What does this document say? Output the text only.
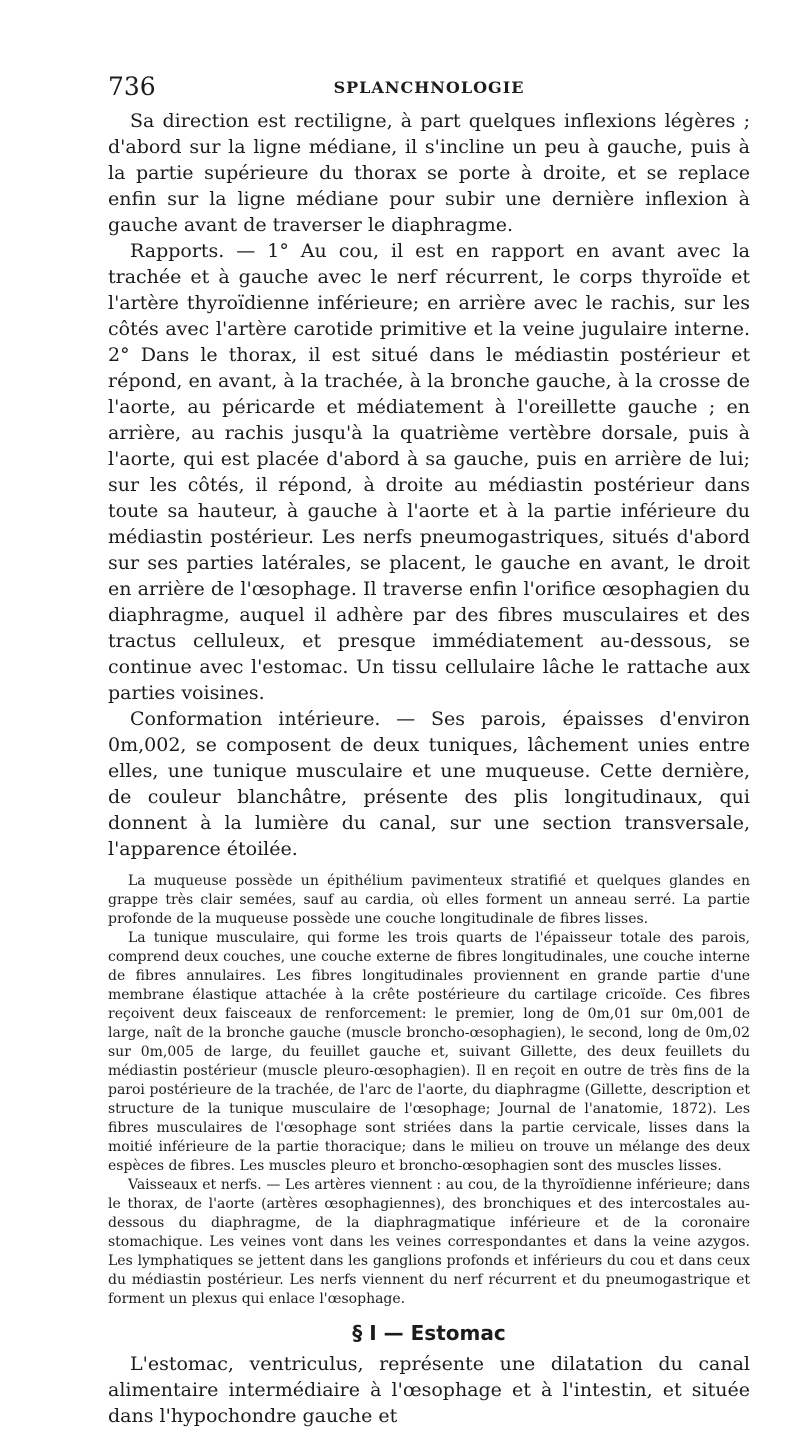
736	SPLANCHNOLOGIE

Sa direction est rectiligne, à part quelques inflexions légères ; d'abord sur la ligne médiane, il s'incline un peu à gauche, puis à la partie supérieure du thorax se porte à droite, et se replace enfin sur la ligne médiane pour subir une dernière inflexion à gauche avant de traverser le diaphragme.

Rapports. — 1° Au cou, il est en rapport en avant avec la trachée et à gauche avec le nerf récurrent, le corps thyroïde et l'artère thyroïdienne inférieure; en arrière avec le rachis, sur les côtés avec l'artère carotide primitive et la veine jugulaire interne. 2° Dans le thorax, il est situé dans le médiastin postérieur et répond, en avant, à la trachée, à la bronche gauche, à la crosse de l'aorte, au péricarde et médiatement à l'oreillette gauche ; en arrière, au rachis jusqu'à la quatrième vertèbre dorsale, puis à l'aorte, qui est placée d'abord à sa gauche, puis en arrière de lui; sur les côtés, il répond, à droite au médiastin postérieur dans toute sa hauteur, à gauche à l'aorte et à la partie inférieure du médiastin postérieur. Les nerfs pneumogastriques, situés d'abord sur ses parties latérales, se placent, le gauche en avant, le droit en arrière de l'œsophage. Il traverse enfin l'orifice œsophagien du diaphragme, auquel il adhère par des fibres musculaires et des tractus celluleux, et presque immédiatement au-dessous, se continue avec l'estomac. Un tissu cellulaire lâche le rattache aux parties voisines.

Conformation intérieure. — Ses parois, épaisses d'environ 0m,002, se composent de deux tuniques, lâchement unies entre elles, une tunique musculaire et une muqueuse. Cette dernière, de couleur blanchâtre, présente des plis longitudinaux, qui donnent à la lumière du canal, sur une section transversale, l'apparence étoilée.

La muqueuse possède un épithélium pavimenteux stratifié et quelques glandes en grappe très clair semées, sauf au cardia, où elles forment un anneau serré. La partie profonde de la muqueuse possède une couche longitudinale de fibres lisses.

La tunique musculaire, qui forme les trois quarts de l'épaisseur totale des parois, comprend deux couches, une couche externe de fibres longitudinales, une couche interne de fibres annulaires. Les fibres longitudinales proviennent en grande partie d'une membrane élastique attachée à la crête postérieure du cartilage cricoïde. Ces fibres reçoivent deux faisceaux de renforcement: le premier, long de 0m,01 sur 0m,001 de large, naît de la bronche gauche (muscle broncho-œsophagien), le second, long de 0m,02 sur 0m,005 de large, du feuillet gauche et, suivant Gillette, des deux feuillets du médiastin postérieur (muscle pleuro-œsophagien). Il en reçoit en outre de très fins de la paroi postérieure de la trachée, de l'arc de l'aorte, du diaphragme (Gillette, description et structure de la tunique musculaire de l'œsophage; Journal de l'anatomie, 1872). Les fibres musculaires de l'œsophage sont striées dans la partie cervicale, lisses dans la moitié inférieure de la partie thoracique; dans le milieu on trouve un mélange des deux espèces de fibres. Les muscles pleuro et broncho-œsophagien sont des muscles lisses.

Vaisseaux et nerfs. — Les artères viennent : au cou, de la thyroïdienne inférieure; dans le thorax, de l'aorte (artères œsophagiennes), des bronchiques et des intercostales au-dessous du diaphragme, de la diaphragmatique inférieure et de la coronaire stomachique. Les veines vont dans les veines correspondantes et dans la veine azygos. Les lymphatiques se jettent dans les ganglions profonds et inférieurs du cou et dans ceux du médiastin postérieur. Les nerfs viennent du nerf récurrent et du pneumogastrique et forment un plexus qui enlace l'œsophage.

§ I — Estomac

L'estomac, ventriculus, représente une dilatation du canal alimentaire intermédiaire à l'œsophage et à l'intestin, et située dans l'hypochondre gauche et
